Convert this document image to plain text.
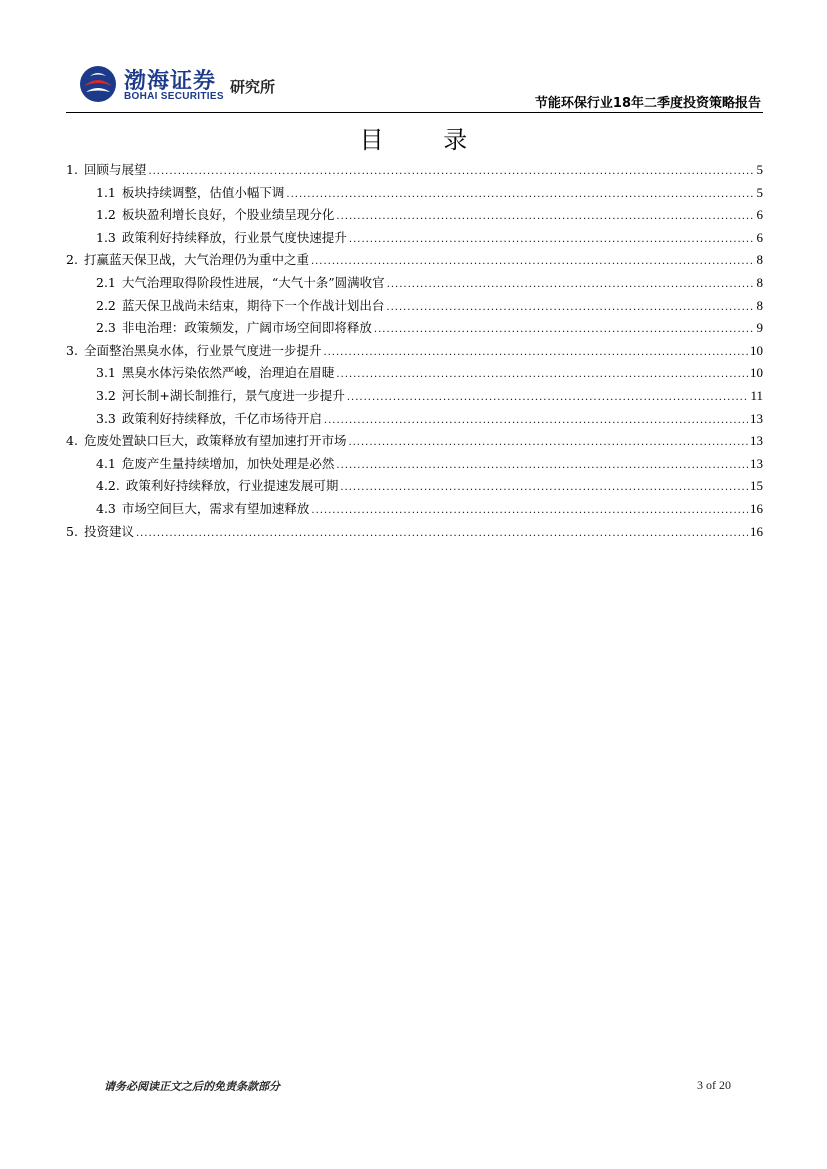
渤海证券
BOHAI SECURITIES
研究所
节能环保行业18年二季度投资策略报告
目 录
1. 回顾与展望 .....	5
1.1 板块持续调整，估值小幅下调 .....	5
1.2 板块盈利增长良好，个股业绩呈现分化 .....	6
1.3 政策利好持续释放，行业景气度快速提升 .....	6
2. 打赢蓝天保卫战，大气治理仍为重中之重 .....	8
2.1 大气治理取得阶段性进展，“大气十条”圆满收官 .....	8
2.2 蓝天保卫战尚未结束，期待下一个作战计划出台 .....	8
2.3 非电治理：政策频发，广阔市场空间即将释放 .....	9
3. 全面整治黑臭水体，行业景气度进一步提升 .....	10
3.1 黑臭水体污染依然严峻，治理迫在眉睫 .....	10
3.2 河长制+湖长制推行，景气度进一步提升 .....	11
3.3 政策利好持续释放，千亿市场待开启 .....	13
4. 危废处置缺口巨大，政策释放有望加速打开市场 .....	13
4.1 危废产生量持续增加，加快处理是必然 .....	13
4.2. 政策利好持续释放，行业提速发展可期 .....	15
4.3 市场空间巨大，需求有望加速释放 .....	16
5. 投资建议 .....	16
请务必阅读正文之后的免责条款部分	3 of 20
